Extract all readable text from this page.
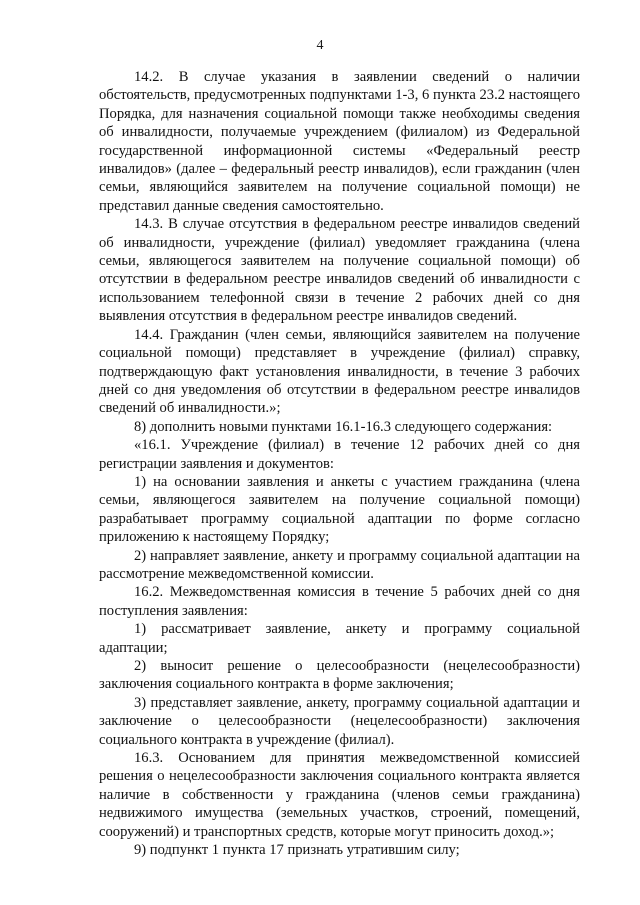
4

14.2. В случае указания в заявлении сведений о наличии обстоятельств, предусмотренных подпунктами 1-3, 6 пункта 23.2 настоящего Порядка, для назначения социальной помощи также необходимы сведения об инвалидности, получаемые учреждением (филиалом) из Федеральной государственной информационной системы «Федеральный реестр инвалидов» (далее – федеральный реестр инвалидов), если гражданин (член семьи, являющийся заявителем на получение социальной помощи) не представил данные сведения самостоятельно.

14.3. В случае отсутствия в федеральном реестре инвалидов сведений об инвалидности, учреждение (филиал) уведомляет гражданина (члена семьи, являющегося заявителем на получение социальной помощи) об отсутствии в федеральном реестре инвалидов сведений об инвалидности с использованием телефонной связи в течение 2 рабочих дней со дня выявления отсутствия в федеральном реестре инвалидов сведений.

14.4. Гражданин (член семьи, являющийся заявителем на получение социальной помощи) представляет в учреждение (филиал) справку, подтверждающую факт установления инвалидности, в течение 3 рабочих дней со дня уведомления об отсутствии в федеральном реестре инвалидов сведений об инвалидности.»;

8) дополнить новыми пунктами 16.1-16.3 следующего содержания:

«16.1. Учреждение (филиал) в течение 12 рабочих дней со дня регистрации заявления и документов:

1) на основании заявления и анкеты с участием гражданина (члена семьи, являющегося заявителем на получение социальной помощи) разрабатывает программу социальной адаптации по форме согласно приложению к настоящему Порядку;

2) направляет заявление, анкету и программу социальной адаптации на рассмотрение межведомственной комиссии.

16.2. Межведомственная комиссия в течение 5 рабочих дней со дня поступления заявления:

1) рассматривает заявление, анкету и программу социальной адаптации;

2) выносит решение о целесообразности (нецелесообразности) заключения социального контракта в форме заключения;

3) представляет заявление, анкету, программу социальной адаптации и заключение о целесообразности (нецелесообразности) заключения социального контракта в учреждение (филиал).

16.3. Основанием для принятия межведомственной комиссией решения о нецелесообразности заключения социального контракта является наличие в собственности у гражданина (членов семьи гражданина) недвижимого имущества (земельных участков, строений, помещений, сооружений) и транспортных средств, которые могут приносить доход.»;

9) подпункт 1 пункта 17 признать утратившим силу;
